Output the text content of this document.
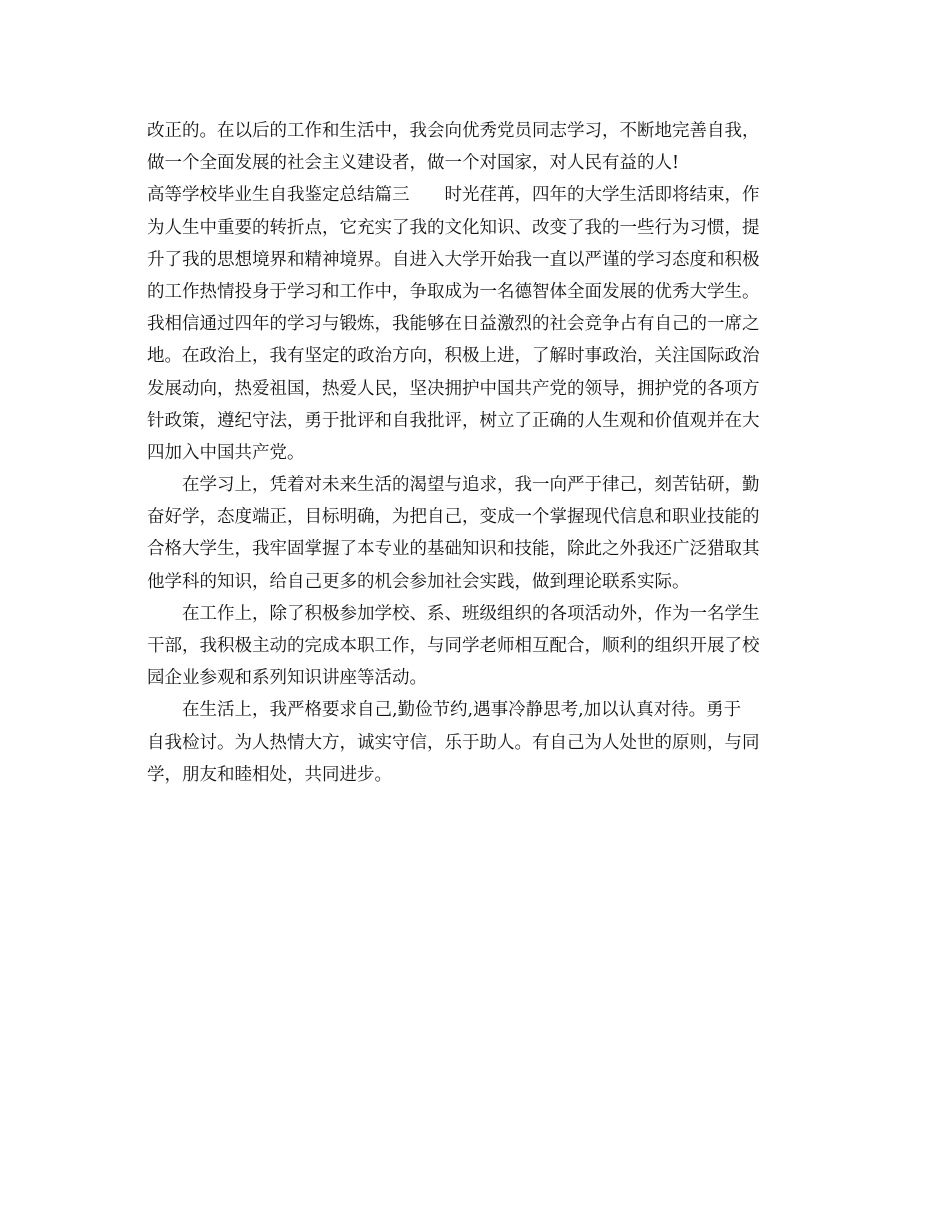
改正的。在以后的工作和生活中，我会向优秀党员同志学习，不断地完善自我，
做一个全面发展的社会主义建设者，做一个对国家，对人民有益的人!
高等学校毕业生自我鉴定总结篇三　　时光荏苒，四年的大学生活即将结束，作
为人生中重要的转折点，它充实了我的文化知识、改变了我的一些行为习惯，提
升了我的思想境界和精神境界。自进入大学开始我一直以严谨的学习态度和积极
的工作热情投身于学习和工作中，争取成为一名德智体全面发展的优秀大学生。
我相信通过四年的学习与锻炼，我能够在日益激烈的社会竞争占有自己的一席之
地。在政治上，我有坚定的政治方向，积极上进，了解时事政治，关注国际政治
发展动向，热爱祖国，热爱人民，坚决拥护中国共产党的领导，拥护党的各项方
针政策，遵纪守法，勇于批评和自我批评，树立了正确的人生观和价值观并在大
四加入中国共产党。
　　在学习上，凭着对未来生活的渴望与追求，我一向严于律己，刻苦钻研，勤
奋好学，态度端正，目标明确，为把自己，变成一个掌握现代信息和职业技能的
合格大学生，我牢固掌握了本专业的基础知识和技能，除此之外我还广泛猎取其
他学科的知识，给自己更多的机会参加社会实践，做到理论联系实际。
　　在工作上，除了积极参加学校、系、班级组织的各项活动外，作为一名学生
干部，我积极主动的完成本职工作，与同学老师相互配合，顺利的组织开展了校
园企业参观和系列知识讲座等活动。
　　在生活上，我严格要求自己,勤俭节约,遇事冷静思考,加以认真对待。勇于
自我检讨。为人热情大方，诚实守信，乐于助人。有自己为人处世的原则，与同
学，朋友和睦相处，共同进步。
